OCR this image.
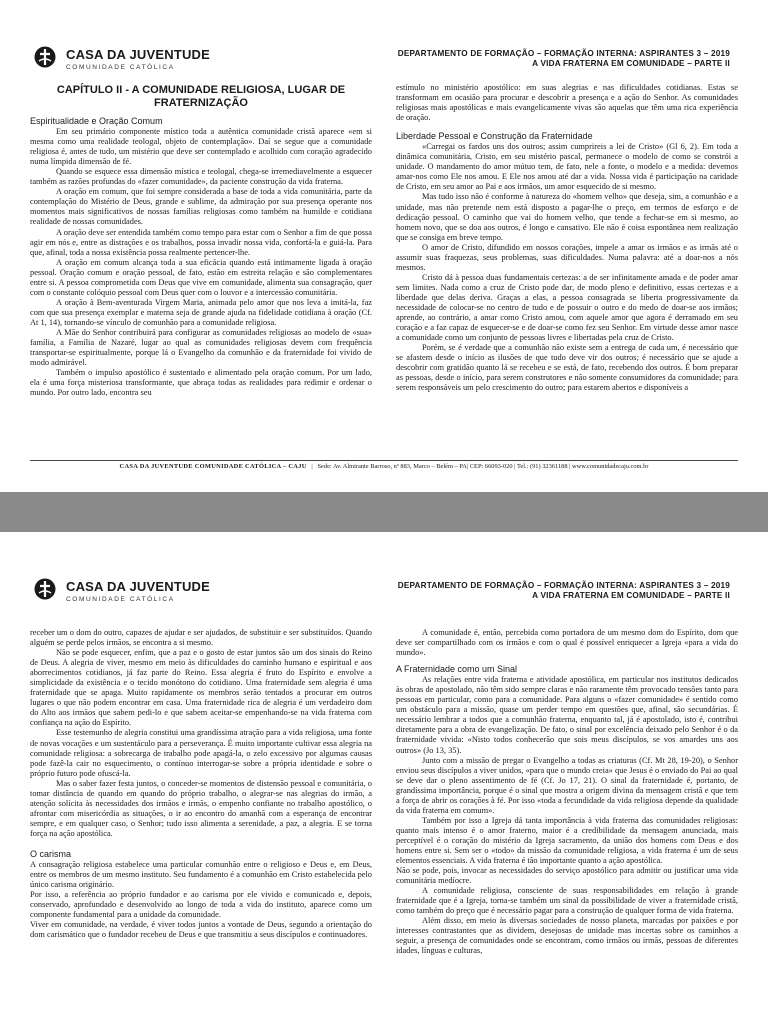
CASA DA JUVENTUDE
COMUNIDADE CATÓLICA
DEPARTAMENTO DE FORMAÇÃO – FORMAÇÃO INTERNA: ASPIRANTES 3 – 2019
A VIDA FRATERNA EM COMUNIDADE – PARTE II
CAPÍTULO II - A COMUNIDADE RELIGIOSA, LUGAR DE FRATERNIZAÇÃO
Espiritualidade e Oração Comum

Em seu primário componente místico toda a autêntica comunidade cristã aparece «em si mesma como uma realidade teologal, objeto de contemplação». Daí se segue que a comunidade religiosa é, antes de tudo, um mistério que deve ser contemplado e acolhido com coração agradecido numa límpida dimensão de fé.

Quando se esquece essa dimensão mística e teologal, chega-se irremediavelmente a esquecer também as razões profundas do «fazer comunidade», da paciente construção da vida fraterna.

A oração em comum, que foi sempre considerada a base de toda a vida comunitária, parte da contemplação do Mistério de Deus, grande e sublime, da admiração por sua presença operante nos momentos mais significativos de nossas famílias religiosas como também na humilde e cotidiana realidade de nossas comunidades.

A oração deve ser entendida também como tempo para estar com o Senhor a fim de que possa agir em nós e, entre as distrações e os trabalhos, possa invadir nossa vida, confortá-la e guiá-la. Para que, afinal, toda a nossa existência possa realmente pertencer-lhe.

A oração em comum alcança toda a sua eficácia quando está intimamente ligada à oração pessoal. Oração comum e oração pessoal, de fato, estão em estreita relação e são complementares entre si. A pessoa comprometida com Deus que vive em comunidade, alimenta sua consagração, quer com o constante colóquio pessoal com Deus quer com o louvor e a intercessão comunitária.

A oração à Bem-aventurada Virgem Maria, animada pelo amor que nos leva a imitá-la, faz com que sua presença exemplar e materna seja de grande ajuda na fidelidade cotidiana à oração (Cf. At 1, 14), tornando-se vínculo de comunhão para a comunidade religiosa.

A Mãe do Senhor contribuirá para configurar as comunidades religiosas ao modelo de «sua» família, a Família de Nazaré, lugar ao qual as comunidades religiosas devem com frequência transportar-se espiritualmente, porque lá o Evangelho da comunhão e da fraternidade foi vivido de modo admirável.

Também o impulso apostólico é sustentado e alimentado pela oração comum. Por um lado, ela é uma força misteriosa transformante, que abraça todas as realidades para redimir e ordenar o mundo. Por outro lado, encontra seu

estímulo no ministério apostólico: em suas alegrias e nas dificuldades cotidianas. Estas se transformam em ocasião para procurar e descobrir a presença e a ação do Senhor. As comunidades religiosas mais apostólicas e mais evangelicamente vivas são aquelas que têm uma rica experiência de oração.

Liberdade Pessoal e Construção da Fraternidade

«Carregai os fardos uns dos outros; assim cumprireis a lei de Cristo» (Gl 6, 2). Em toda a dinâmica comunitária, Cristo, em seu mistério pascal, permanece o modelo de como se constrói a unidade. O mandamento do amor mútuo tem, de fato, nele a fonte, o modelo e a medida: devemos amar-nos como Ele nos amou. E Ele nos amou até dar a vida. Nossa vida é participação na caridade de Cristo, em seu amor ao Pai e aos irmãos, um amor esquecido de si mesmo.

Mas tudo isso não é conforme à natureza do «homem velho» que deseja, sim, a comunhão e a unidade, mas não pretende nem está disposto a pagar-lhe o preço, em termos de esforço e de dedicação pessoal. O caminho que vai do homem velho, que tende a fechar-se em si mesmo, ao homem novo, que se doa aos outros, é longo e cansativo. Ele não é coisa espontânea nem realização que se consiga em breve tempo.

O amor de Cristo, difundido em nossos corações, impele a amar os irmãos e as irmãs até o assumir suas fraquezas, seus problemas, suas dificuldades. Numa palavra: até a doar-nos a nós mesmos.

Cristo dá à pessoa duas fundamentais certezas: a de ser infinitamente amada e de poder amar sem limites. Nada como a cruz de Cristo pode dar, de modo pleno e definitivo, essas certezas e a liberdade que delas deriva. Graças a elas, a pessoa consagrada se liberta progressivamente da necessidade de colocar-se no centro de tudo e de possuir o outro e do medo de doar-se aos irmãos; aprende, ao contrário, a amar como Cristo amou, com aquele amor que agora é derramado em seu coração e a faz capaz de esquecer-se e de doar-se como fez seu Senhor. Em virtude desse amor nasce a comunidade como um conjunto de pessoas livres e libertadas pela cruz de Cristo.

Porém, se é verdade que a comunhão não existe sem a entrega de cada um, é necessário que se afastem desde o início as ilusões de que tudo deve vir dos outros; é necessário que se ajude a descobrir com gratidão quanto lá se recebeu e se está, de fato, recebendo dos outros. É bom preparar as pessoas, desde o início, para serem construtores e não somente consumidores da comunidade; para serem responsáveis um pelo crescimento do outro; para estarem abertos e disponíveis a

CASA DA JUVENTUDE COMUNIDADE CATÓLICA – CAJU   |   Sede: Av. Almirante Barroso, nº 883, Marco – Belém – PA| CEP: 66093-020 | Tel.: (91) 32361188 | www.comunidadecaju.com.br
CASA DA JUVENTUDE
COMUNIDADE CATÓLICA
DEPARTAMENTO DE FORMAÇÃO – FORMAÇÃO INTERNA: ASPIRANTES 3 – 2019
A VIDA FRATERNA EM COMUNIDADE – PARTE II

receber um o dom do outro, capazes de ajudar e ser ajudados, de substituir e ser substituídos. Quando alguém se perde pelos irmãos, se encontra a si mesmo.

Não se pode esquecer, enfim, que a paz e o gosto de estar juntos são um dos sinais do Reino de Deus. A alegria de viver, mesmo em meio às dificuldades do caminho humano e espiritual e aos aborrecimentos cotidianos, já faz parte do Reino. Essa alegria é fruto do Espírito e envolve a simplicidade da existência e o tecido monótono do cotidiano. Uma fraternidade sem alegria é uma fraternidade que se apaga. Muito rapidamente os membros serão tentados a procurar em outros lugares o que não podem encontrar em casa. Uma fraternidade rica de alegria é um verdadeiro dom do Alto aos irmãos que sabem pedi-lo e que sabem aceitar-se empenhando-se na vida fraterna com confiança na ação do Espírito.

Esse testemunho de alegria constitui uma grandíssima atração para a vida religiosa, uma fonte de novas vocações e um sustentáculo para a perseverança. É muito importante cultivar essa alegria na comunidade religiosa: a sobrecarga de trabalho pode apagá-la, o zelo excessivo por algumas causas pode fazê-la cair no esquecimento, o contínuo interrogar-se sobre a própria identidade e sobre o próprio futuro pode ofuscá-la.

Mas o saber fazer festa juntos, o conceder-se momentos de distensão pessoal e comunitária, o tomar distância de quando em quando do próprio trabalho, o alegrar-se nas alegrias do irmão, a atenção solícita às necessidades dos irmãos e irmãs, o empenho confiante no trabalho apostólico, o afrontar com misericórdia as situações, o ir ao encontro do amanhã com a esperança de encontrar sempre, e em qualquer caso, o Senhor; tudo isso alimenta a serenidade, a paz, a alegria. E se torna força na ação apostólica.

O carisma

A consagração religiosa estabelece uma particular comunhão entre o religioso e Deus e, em Deus, entre os membros de um mesmo instituto. Seu fundamento é a comunhão em Cristo estabelecida pelo único carisma originário.

Por isso, a referência ao próprio fundador e ao carisma por ele vivido e comunicado e, depois, conservado, aprofundado e desenvolvido ao longo de toda a vida do instituto, aparece como um componente fundamental para a unidade da comunidade.

Viver em comunidade, na verdade, é viver todos juntos a vontade de Deus, segundo a orientação do dom carismático que o fundador recebeu de Deus e que transmitiu a seus discípulos e continuadores.

A comunidade é, então, percebida como portadora de um mesmo dom do Espírito, dom que deve ser compartilhado com os irmãos e com o qual é possível enriquecer a Igreja «para a vida do mundo».

A Fraternidade como um Sinal

As relações entre vida fraterna e atividade apostólica, em particular nos institutos dedicados às obras de apostolado, não têm sido sempre claras e não raramente têm provocado tensões tanto para pessoas em particular, como para a comunidade. Para alguns o «fazer comunidade» é sentido como um obstáculo para a missão, quase um perder tempo em questões que, afinal, são secundárias. É necessário lembrar a todos que a comunhão fraterna, enquanto tal, já é apostolado, isto é, contribui diretamente para a obra de evangelização. De fato, o sinal por excelência deixado pelo Senhor é o da fraternidade vivida: «Nisto todos conhecerão que sois meus discípulos, se vos amardes uns aos outros» (Jo 13, 35).

Junto com a missão de pregar o Evangelho a todas as criaturas (Cf. Mt 28, 19-20), o Senhor enviou seus discípulos a viver unidos, «para que o mundo creia» que Jesus é o enviado do Pai ao qual se deve dar o pleno assentimento de fé (Cf. Jo 17, 21). O sinal da fraternidade é, portanto, de grandíssima importância, porque é o sinal que mostra a origem divina da mensagem cristã e que tem a força de abrir os corações à fé. Por isso «toda a fecundidade da vida religiosa depende da qualidade da vida fraterna em comum».

Também por isso a Igreja dá tanta importância à vida fraterna das comunidades religiosas: quanto mais intenso é o amor fraterno, maior é a credibilidade da mensagem anunciada, mais perceptível é o coração do mistério da Igreja sacramento, da união dos homens com Deus e dos homens entre si. Sem ser o «todo» da missão da comunidade religiosa, a vida fraterna é um de seus elementos essenciais. A vida fraterna é tão importante quanto a ação apostólica.

Não se pode, pois, invocar as necessidades do serviço apostólico para admitir ou justificar uma vida comunitária medíocre.

A comunidade religiosa, consciente de suas responsabilidades em relação à grande fraternidade que é a Igreja, torna-se também um sinal da possibilidade de viver a fraternidade cristã, como também do preço que é necessário pagar para a construção de qualquer forma de vida fraterna.

Além disso, em meio às diversas sociedades de nosso planeta, marcadas por paixões e por interesses contrastantes que as dividem, desejosas de unidade mas incertas sobre os caminhos a seguir, a presença de comunidades onde se encontram, como irmãos ou irmãs, pessoas de diferentes idades, línguas e culturas,
